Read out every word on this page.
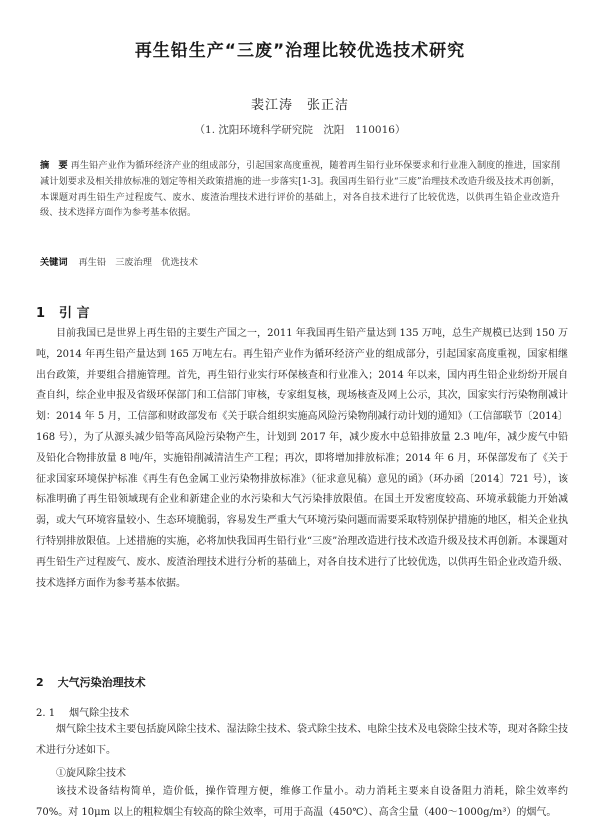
再生铅生产“三废”治理比较优选技术研究
裴江涛　张正洁
（1. 沈阳环境科学研究院　沈阳　110016）
摘　要 再生铅产业作为循环经济产业的组成部分，引起国家高度重视，随着再生铅行业环保要求和行业准入制度的推进，国家削减计划要求及相关排放标准的划定等相关政策措施的进一步落实[1-3]。我国再生铅行业“三废”治理技术改造升级及技术再创新，本课题对再生铅生产过程废气、废水、废渣治理技术进行评价的基础上，对各自技术进行了比较优选，以供再生铅企业改造升级、技术选择方面作为参考基本依据。
关键词 再生铅　三废治理　优选技术
1 引 言
目前我国已是世界上再生铅的主要生产国之一，2011 年我国再生铅产量达到 135 万吨，总生产规模已达到 150 万吨，2014 年再生铅产量达到 165 万吨左右。再生铅产业作为循环经济产业的组成部分，引起国家高度重视，国家相继出台政策，并要组合措施管理。首先，再生铅行业实行环保核查和行业准入；2014 年以来，国内再生铅企业纷纷开展自查自纠，综企业申报及省级环保部门和工信部门审核，专家组复核，现场核查及网上公示，其次，国家实行污染物削减计划：2014 年 5 月，工信部和财政部发布《关于联合组织实施高风险污染物削减行动计划的通知》（工信部联节〔2014〕168 号），为了从源头减少铅等高风险污染物产生，计划到 2017 年，减少废水中总铅排放量 2.3 吨/年，减少废气中铅及铅化合物排放量 8 吨/年，实施铅削减清洁生产工程；再次，即将增加排放标准；2014 年 6 月，环保部发布了《关于征求国家环境保护标准《再生有色金属工业污染物排放标准》（征求意见稿）意见的函》（环办函〔2014〕721 号），该标准明确了再生铅领域现有企业和新建企业的水污染和大气污染排放限值。在国土开发密度较高、环境承载能力开始减弱，或大气环境容量较小、生态环境脆弱，容易发生严重大气环境污染问题而需要采取特别保护措施的地区，相关企业执行特别排放限值。上述措施的实施，必将加快我国再生铅行业“三废”治理改造进行技术改造升级及技术再创新。本课题对再生铅生产过程废气、废水、废渣治理技术进行分析的基础上，对各自技术进行了比较优选，以供再生铅企业改造升级、技术选择方面作为参考基本依据。
2 大气污染治理技术
2. 1 烟气除尘技术
烟气除尘技术主要包括旋风除尘技术、湿法除尘技术、袋式除尘技术、电除尘技术及电袋除尘技术等，现对各除尘技术进行分述如下。
①旋风除尘技术
该技术设备结构简单，造价低，操作管理方便，维修工作量小。动力消耗主要来自设备阻力消耗，除尘效率约 70%。对 10μm 以上的粗粒烟尘有较高的除尘效率，可用于高温（450℃）、高含尘量（400～1000g/m³）的烟气。
